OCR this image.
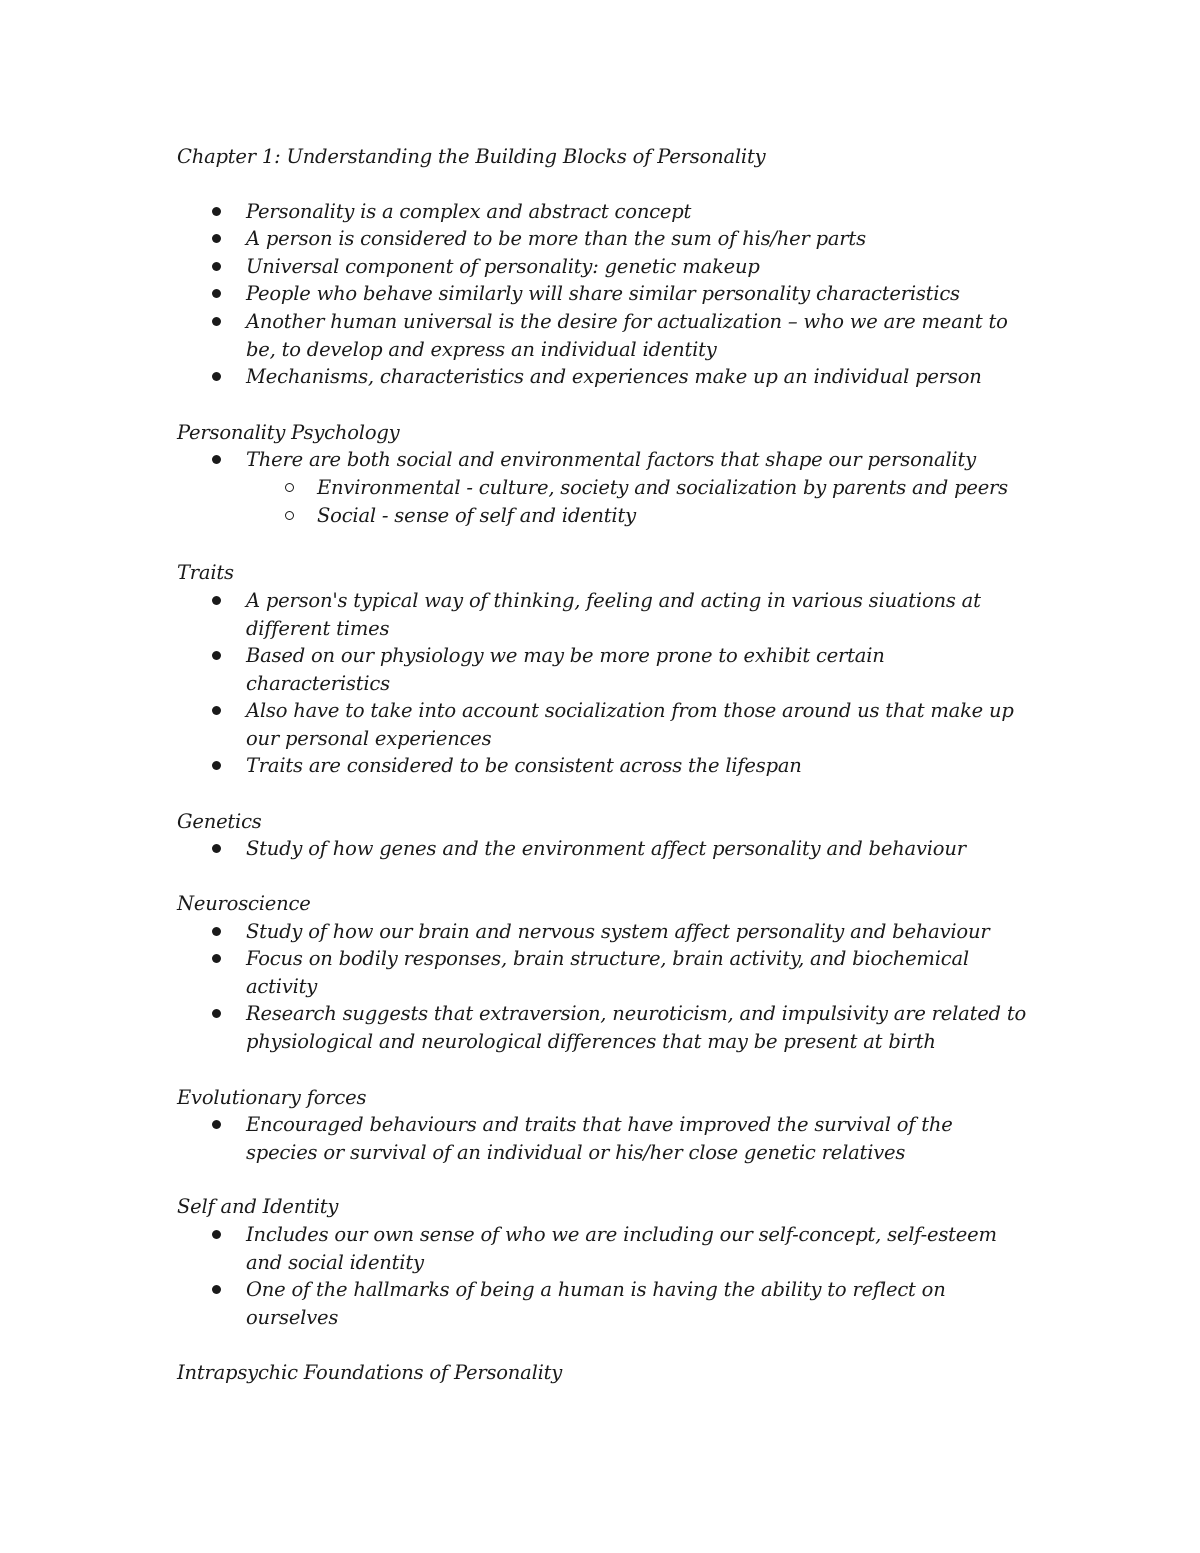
Chapter 1: Understanding the Building Blocks of Personality
Personality is a complex and abstract concept
A person is considered to be more than the sum of his/her parts
Universal component of personality: genetic makeup
People who behave similarly will share similar personality characteristics
Another human universal is the desire for actualization – who we are meant to be, to develop and express an individual identity
Mechanisms, characteristics and experiences make up an individual person
Personality Psychology
There are both social and environmental factors that shape our personality
Environmental - culture, society and socialization by parents and peers
Social - sense of self and identity
Traits
A person's typical way of thinking, feeling and acting in various siuations at different times
Based on our physiology we may be more prone to exhibit certain characteristics
Also have to take into account socialization from those around us that make up our personal experiences
Traits are considered to be consistent across the lifespan
Genetics
Study of how genes and the environment affect personality and behaviour
Neuroscience
Study of how our brain and nervous system affect personality and behaviour
Focus on bodily responses, brain structure, brain activity, and biochemical activity
Research suggests that extraversion, neuroticism, and impulsivity are related to physiological and neurological differences that may be present at birth
Evolutionary forces
Encouraged behaviours and traits that have improved the survival of the species or survival of an individual or his/her close genetic relatives
Self and Identity
Includes our own sense of who we are including our self-concept, self-esteem and social identity
One of the hallmarks of being a human is having the ability to reflect on ourselves
Intrapsychic Foundations of Personality
